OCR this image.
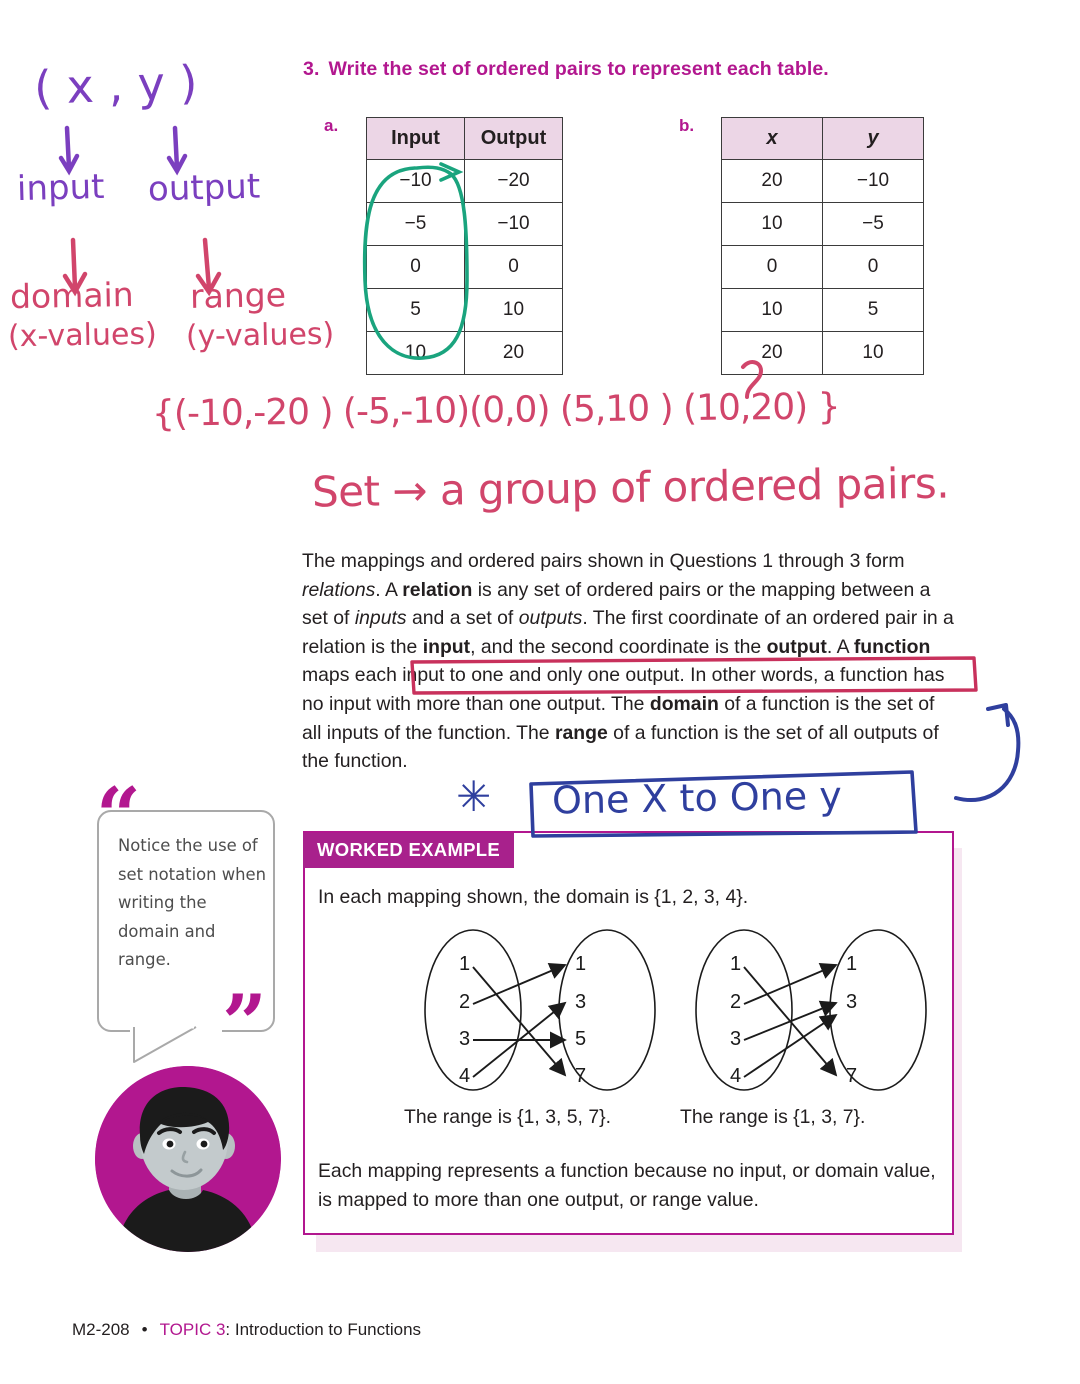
3. Write the set of ordered pairs to represent each table.
a.	b.
Input	Output
−10	−20
−5	−10
0	0
5	10
10	20
x	y
20	−10
10	−5
0	0
10	5
20	10
The mappings and ordered pairs shown in Questions 1 through 3 form relations. A relation is any set of ordered pairs or the mapping between a set of inputs and a set of outputs. The first coordinate of an ordered pair in a relation is the input, and the second coordinate is the output. A function maps each input to one and only one output. In other words, a function has no input with more than one output. The domain of a function is the set of all inputs of the function. The range of a function is the set of all outputs of the function.
Notice the use of set notation when writing the domain and range.
“
”
WORKED EXAMPLE
In each mapping shown, the domain is {1, 2, 3, 4}.
1
2
3
4
1
3
5
7
1
2
3
4
1
3
7
The range is {1, 3, 5, 7}.	The range is {1, 3, 7}.
Each mapping represents a function because no input, or domain value, is mapped to more than one output, or range value.
( x , y )
input output
domain
(x-values)
range
(y-values)
{(-10,-20 ) (-5,-10)(0,0) (5,10 ) (10,20) }
Set → a group of ordered pairs.
✳ One X to One y
M2-208 • TOPIC 3: Introduction to Functions
